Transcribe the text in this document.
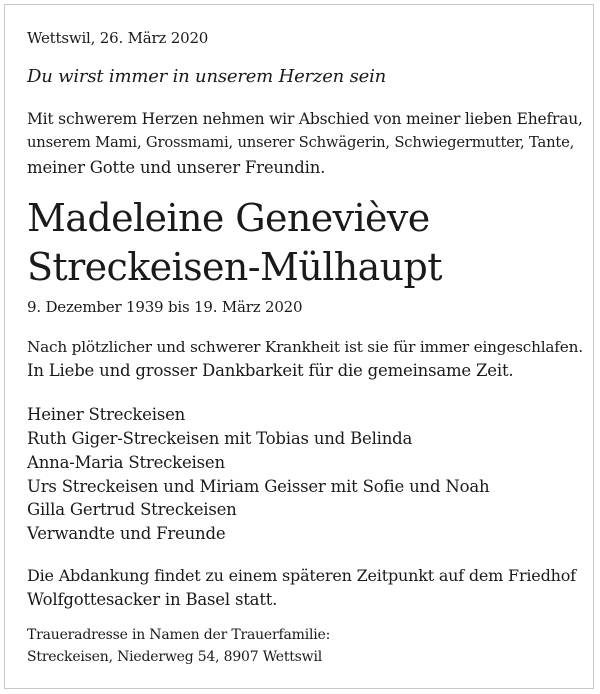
Wettswil, 26. März 2020
Du wirst immer in unserem Herzen sein
Mit schwerem Herzen nehmen wir Abschied von meiner lieben Ehefrau,
unserem Mami, Grossmami, unserer Schwägerin, Schwiegermutter, Tante,
meiner Gotte und unserer Freundin.
Madeleine Geneviève
Streckeisen-Mülhaupt
9. Dezember 1939 bis 19. März 2020
Nach plötzlicher und schwerer Krankheit ist sie für immer eingeschlafen.
In Liebe und grosser Dankbarkeit für die gemeinsame Zeit.
Heiner Streckeisen
Ruth Giger-Streckeisen mit Tobias und Belinda
Anna-Maria Streckeisen
Urs Streckeisen und Miriam Geisser mit Sofie und Noah
Gilla Gertrud Streckeisen
Verwandte und Freunde
Die Abdankung findet zu einem späteren Zeitpunkt auf dem Friedhof
Wolfgottesacker in Basel statt.
Traueradresse in Namen der Trauerfamilie:
Streckeisen, Niederweg 54, 8907 Wettswil
